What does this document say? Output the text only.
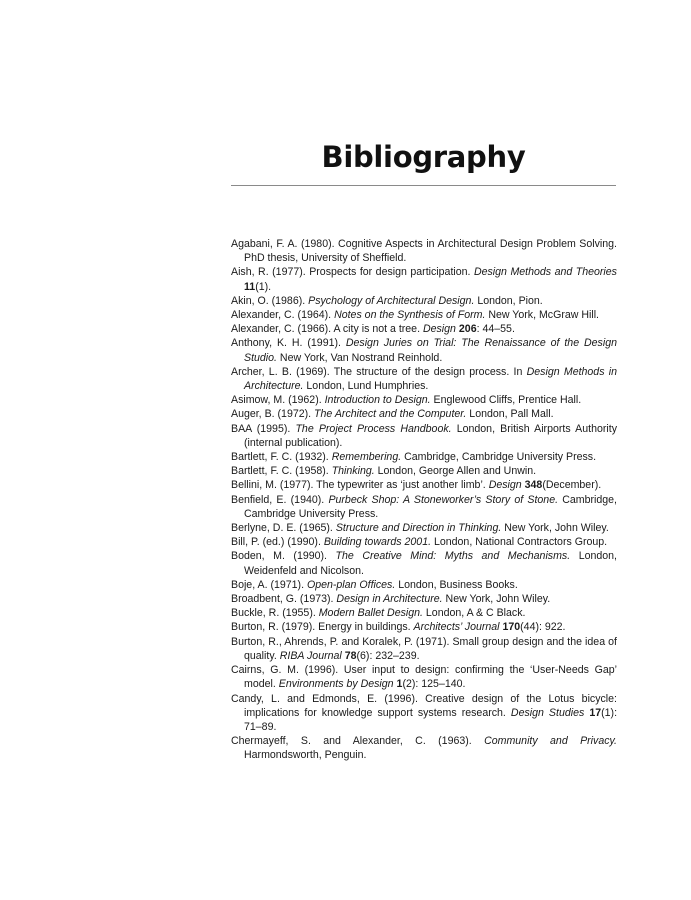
Bibliography
Agabani, F. A. (1980). Cognitive Aspects in Architectural Design Problem Solving. PhD thesis, University of Sheffield.
Aish, R. (1977). Prospects for design participation. Design Methods and Theories 11(1).
Akin, O. (1986). Psychology of Architectural Design. London, Pion.
Alexander, C. (1964). Notes on the Synthesis of Form. New York, McGraw Hill.
Alexander, C. (1966). A city is not a tree. Design 206: 44–55.
Anthony, K. H. (1991). Design Juries on Trial: The Renaissance of the Design Studio. New York, Van Nostrand Reinhold.
Archer, L. B. (1969). The structure of the design process. In Design Methods in Architecture. London, Lund Humphries.
Asimow, M. (1962). Introduction to Design. Englewood Cliffs, Prentice Hall.
Auger, B. (1972). The Architect and the Computer. London, Pall Mall.
BAA (1995). The Project Process Handbook. London, British Airports Authority (internal publication).
Bartlett, F. C. (1932). Remembering. Cambridge, Cambridge University Press.
Bartlett, F. C. (1958). Thinking. London, George Allen and Unwin.
Bellini, M. (1977). The typewriter as ‘just another limb’. Design 348(December).
Benfield, E. (1940). Purbeck Shop: A Stoneworker’s Story of Stone. Cambridge, Cambridge University Press.
Berlyne, D. E. (1965). Structure and Direction in Thinking. New York, John Wiley.
Bill, P. (ed.) (1990). Building towards 2001. London, National Contractors Group.
Boden, M. (1990). The Creative Mind: Myths and Mechanisms. London, Weidenfeld and Nicolson.
Boje, A. (1971). Open-plan Offices. London, Business Books.
Broadbent, G. (1973). Design in Architecture. New York, John Wiley.
Buckle, R. (1955). Modern Ballet Design. London, A & C Black.
Burton, R. (1979). Energy in buildings. Architects’ Journal 170(44): 922.
Burton, R., Ahrends, P. and Koralek, P. (1971). Small group design and the idea of quality. RIBA Journal 78(6): 232–239.
Cairns, G. M. (1996). User input to design: confirming the ‘User-Needs Gap’ model. Environments by Design 1(2): 125–140.
Candy, L. and Edmonds, E. (1996). Creative design of the Lotus bicycle: implications for knowledge support systems research. Design Studies 17(1): 71–89.
Chermayeff, S. and Alexander, C. (1963). Community and Privacy. Harmondsworth, Penguin.
